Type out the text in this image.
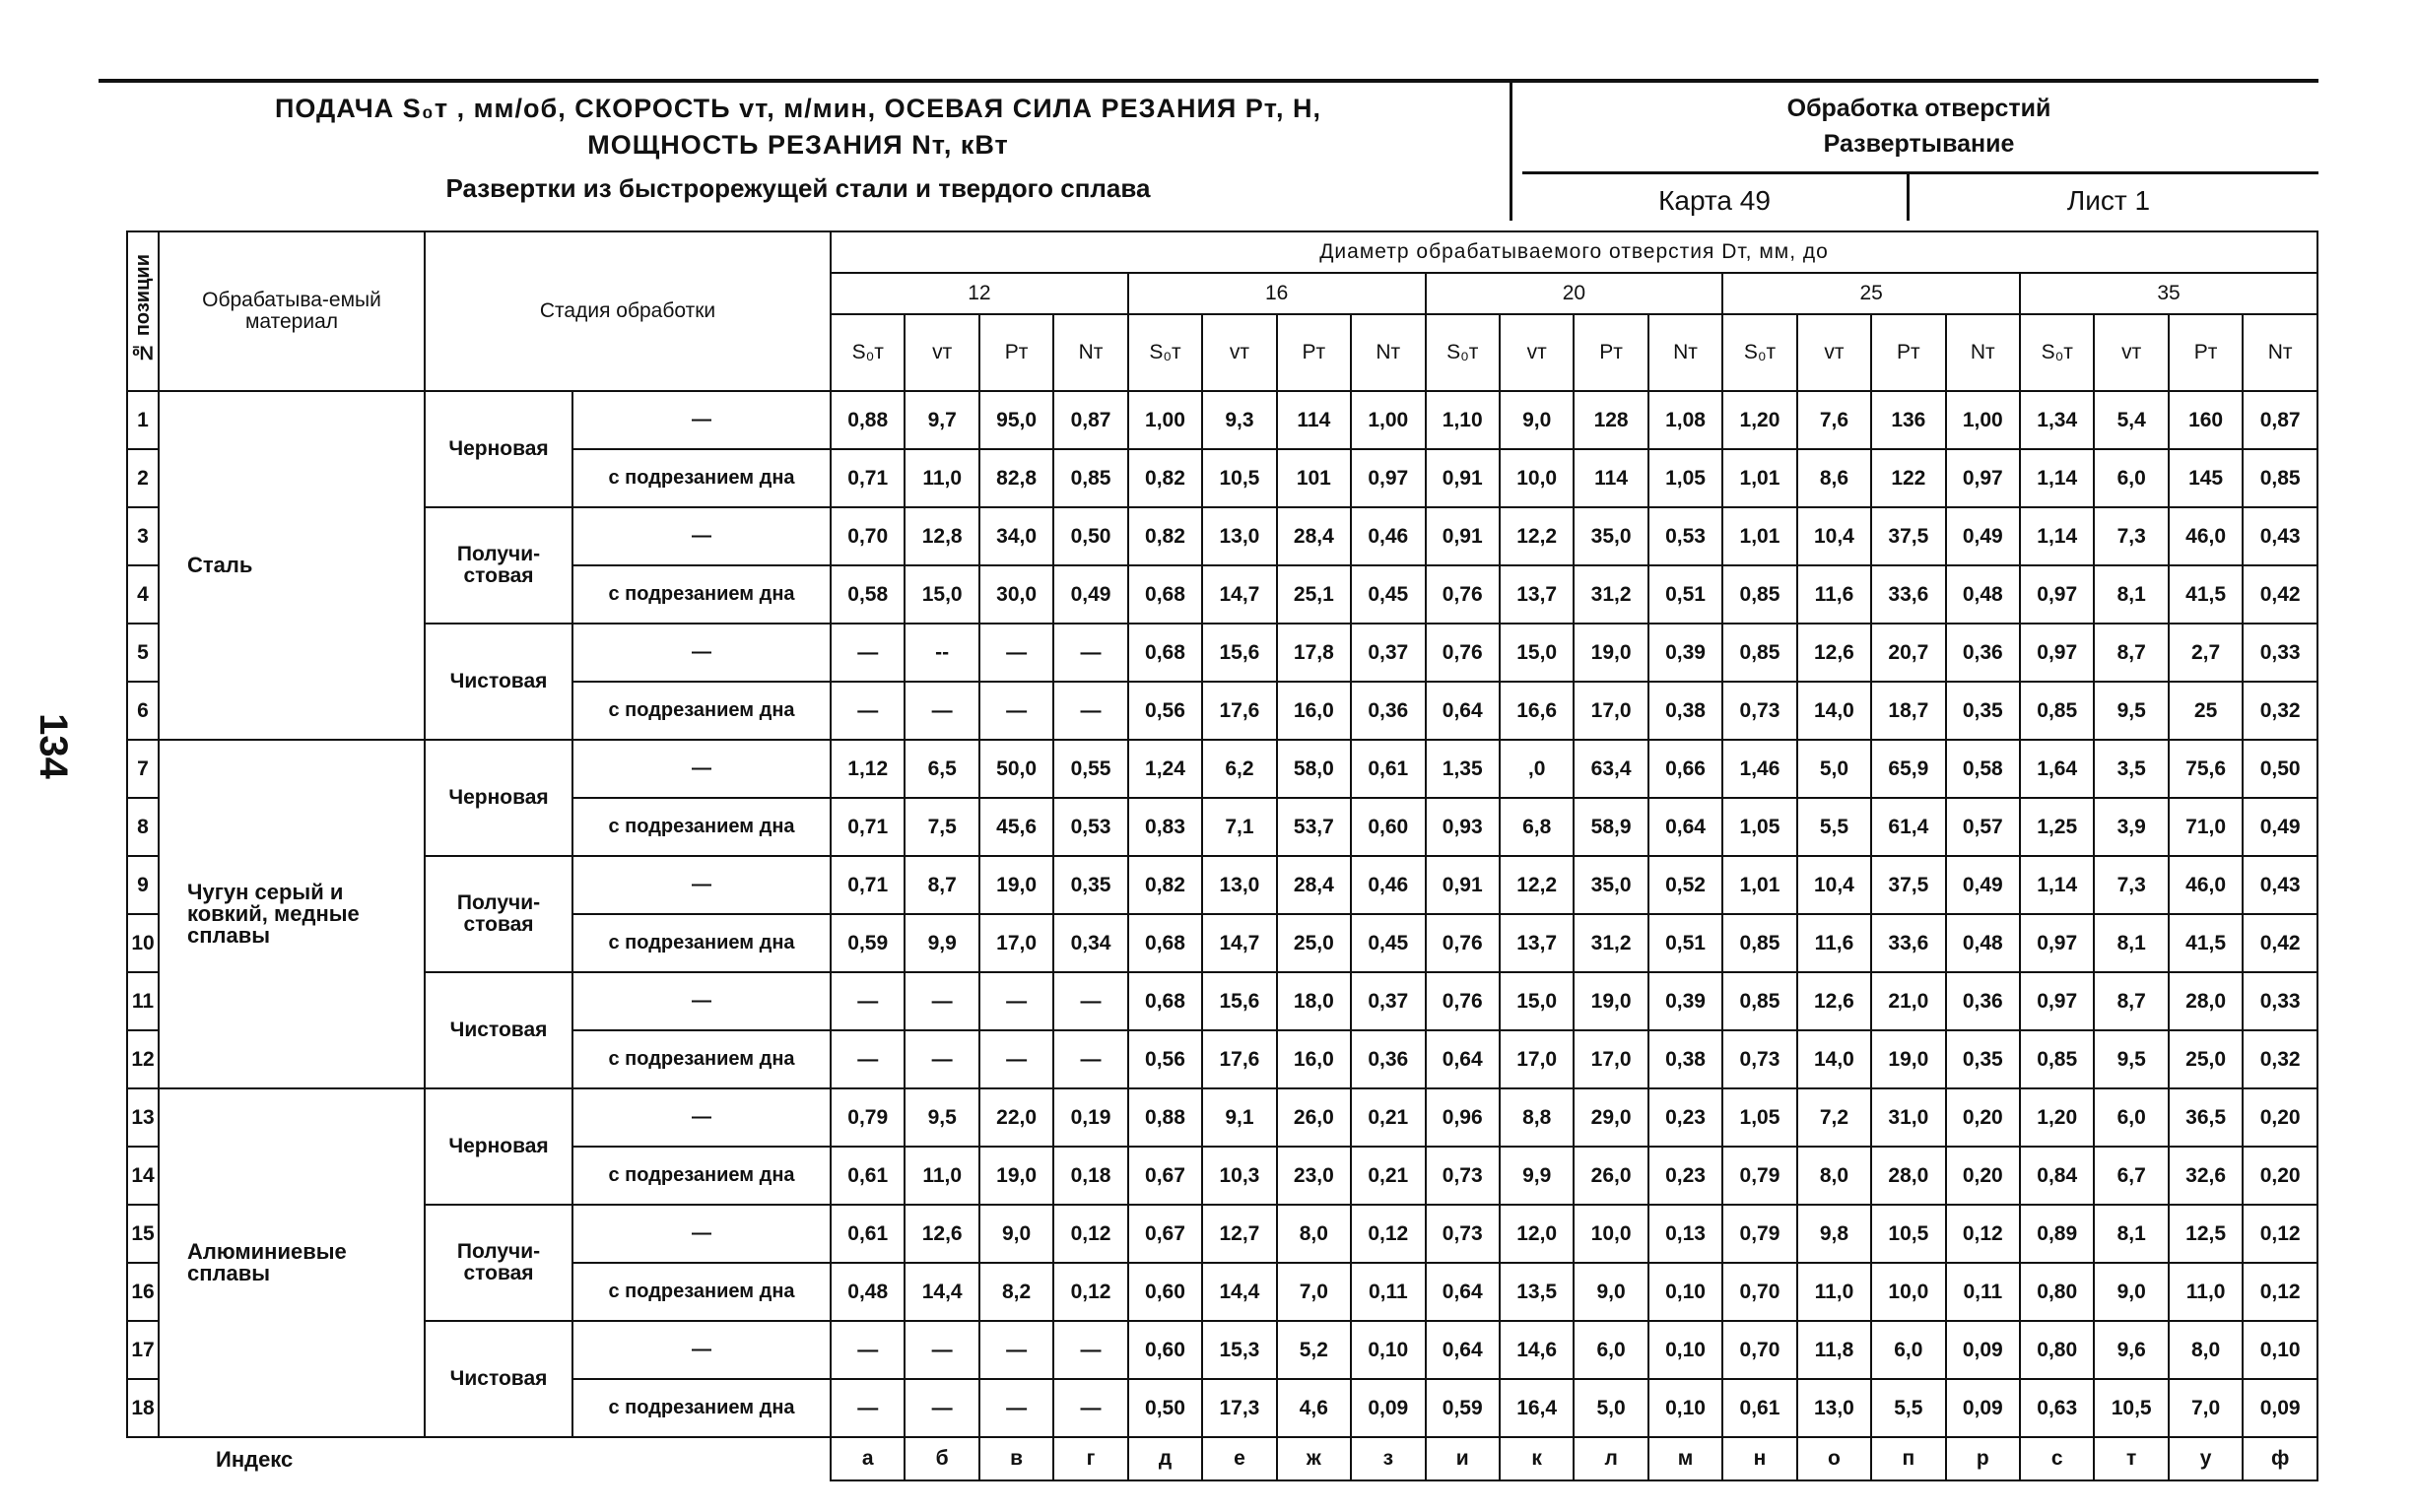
ПОДАЧА S₀т , мм/об, СКОРОСТЬ vт, м/мин, ОСЕВАЯ СИЛА РЕЗАНИЯ Pт, Н,
МОЩНОСТЬ РЕЗАНИЯ Nт, кВт
Развертки из быстрорежущей стали и твердого сплава
Обработка отверстий
Развертывание
Карта 49	Лист 1
134
№ позиции	Обрабатыва-емый материал	Стадия обработки		Диаметр обрабатываемого отверстия Dт, мм, до																			
				12				16				20				25				35			
				S₀т	vт	Pт	Nт	S₀т	vт	Pт	Nт	S₀т	vт	Pт	Nт	S₀т	vт	Pт	Nт	S₀т	vт	Pт	Nт
1	Сталь	Черновая	—	0,88	9,7	95,0	0,87	1,00	9,3	114	1,00	1,10	9,0	128	1,08	1,20	7,6	136	1,00	1,34	5,4	160	0,87
2			с подрезанием дна	0,71	11,0	82,8	0,85	0,82	10,5	101	0,97	0,91	10,0	114	1,05	1,01	8,6	122	0,97	1,14	6,0	145	0,85
3		Получи-стовая	—	0,70	12,8	34,0	0,50	0,82	13,0	28,4	0,46	0,91	12,2	35,0	0,53	1,01	10,4	37,5	0,49	1,14	7,3	46,0	0,43
4			с подрезанием дна	0,58	15,0	30,0	0,49	0,68	14,7	25,1	0,45	0,76	13,7	31,2	0,51	0,85	11,6	33,6	0,48	0,97	8,1	41,5	0,42
5		Чистовая	—	—	--	—	—	0,68	15,6	17,8	0,37	0,76	15,0	19,0	0,39	0,85	12,6	20,7	0,36	0,97	8,7	2,7	0,33
6			с подрезанием дна	—	—	—	—	0,56	17,6	16,0	0,36	0,64	16,6	17,0	0,38	0,73	14,0	18,7	0,35	0,85	9,5	25	0,32
7	Чугун серый и ковкий, медные сплавы	Черновая	—	1,12	6,5	50,0	0,55	1,24	6,2	58,0	0,61	1,35	,0	63,4	0,66	1,46	5,0	65,9	0,58	1,64	3,5	75,6	0,50
8			с подрезанием дна	0,71	7,5	45,6	0,53	0,83	7,1	53,7	0,60	0,93	6,8	58,9	0,64	1,05	5,5	61,4	0,57	1,25	3,9	71,0	0,49
9		Получи-стовая	—	0,71	8,7	19,0	0,35	0,82	13,0	28,4	0,46	0,91	12,2	35,0	0,52	1,01	10,4	37,5	0,49	1,14	7,3	46,0	0,43
10			с подрезанием дна	0,59	9,9	17,0	0,34	0,68	14,7	25,0	0,45	0,76	13,7	31,2	0,51	0,85	11,6	33,6	0,48	0,97	8,1	41,5	0,42
11		Чистовая	—	—	—	—	—	0,68	15,6	18,0	0,37	0,76	15,0	19,0	0,39	0,85	12,6	21,0	0,36	0,97	8,7	28,0	0,33
12			с подрезанием дна	—	—	—	—	0,56	17,6	16,0	0,36	0,64	17,0	17,0	0,38	0,73	14,0	19,0	0,35	0,85	9,5	25,0	0,32
13	Алюминиевые сплавы	Черновая	—	0,79	9,5	22,0	0,19	0,88	9,1	26,0	0,21	0,96	8,8	29,0	0,23	1,05	7,2	31,0	0,20	1,20	6,0	36,5	0,20
14			с подрезанием дна	0,61	11,0	19,0	0,18	0,67	10,3	23,0	0,21	0,73	9,9	26,0	0,23	0,79	8,0	28,0	0,20	0,84	6,7	32,6	0,20
15		Получи-стовая	—	0,61	12,6	9,0	0,12	0,67	12,7	8,0	0,12	0,73	12,0	10,0	0,13	0,79	9,8	10,5	0,12	0,89	8,1	12,5	0,12
16			с подрезанием дна	0,48	14,4	8,2	0,12	0,60	14,4	7,0	0,11	0,64	13,5	9,0	0,10	0,70	11,0	10,0	0,11	0,80	9,0	11,0	0,12
17		Чистовая	—	—	—	—	—	0,60	15,3	5,2	0,10	0,64	14,6	6,0	0,10	0,70	11,8	6,0	0,09	0,80	9,6	8,0	0,10
18			с подрезанием дна	—	—	—	—	0,50	17,3	4,6	0,09	0,59	16,4	5,0	0,10	0,61	13,0	5,5	0,09	0,63	10,5	7,0	0,09
Индекс				а	б	в	г	д	е	ж	з	и	к	л	м	н	о	п	р	с	т	у	ф
